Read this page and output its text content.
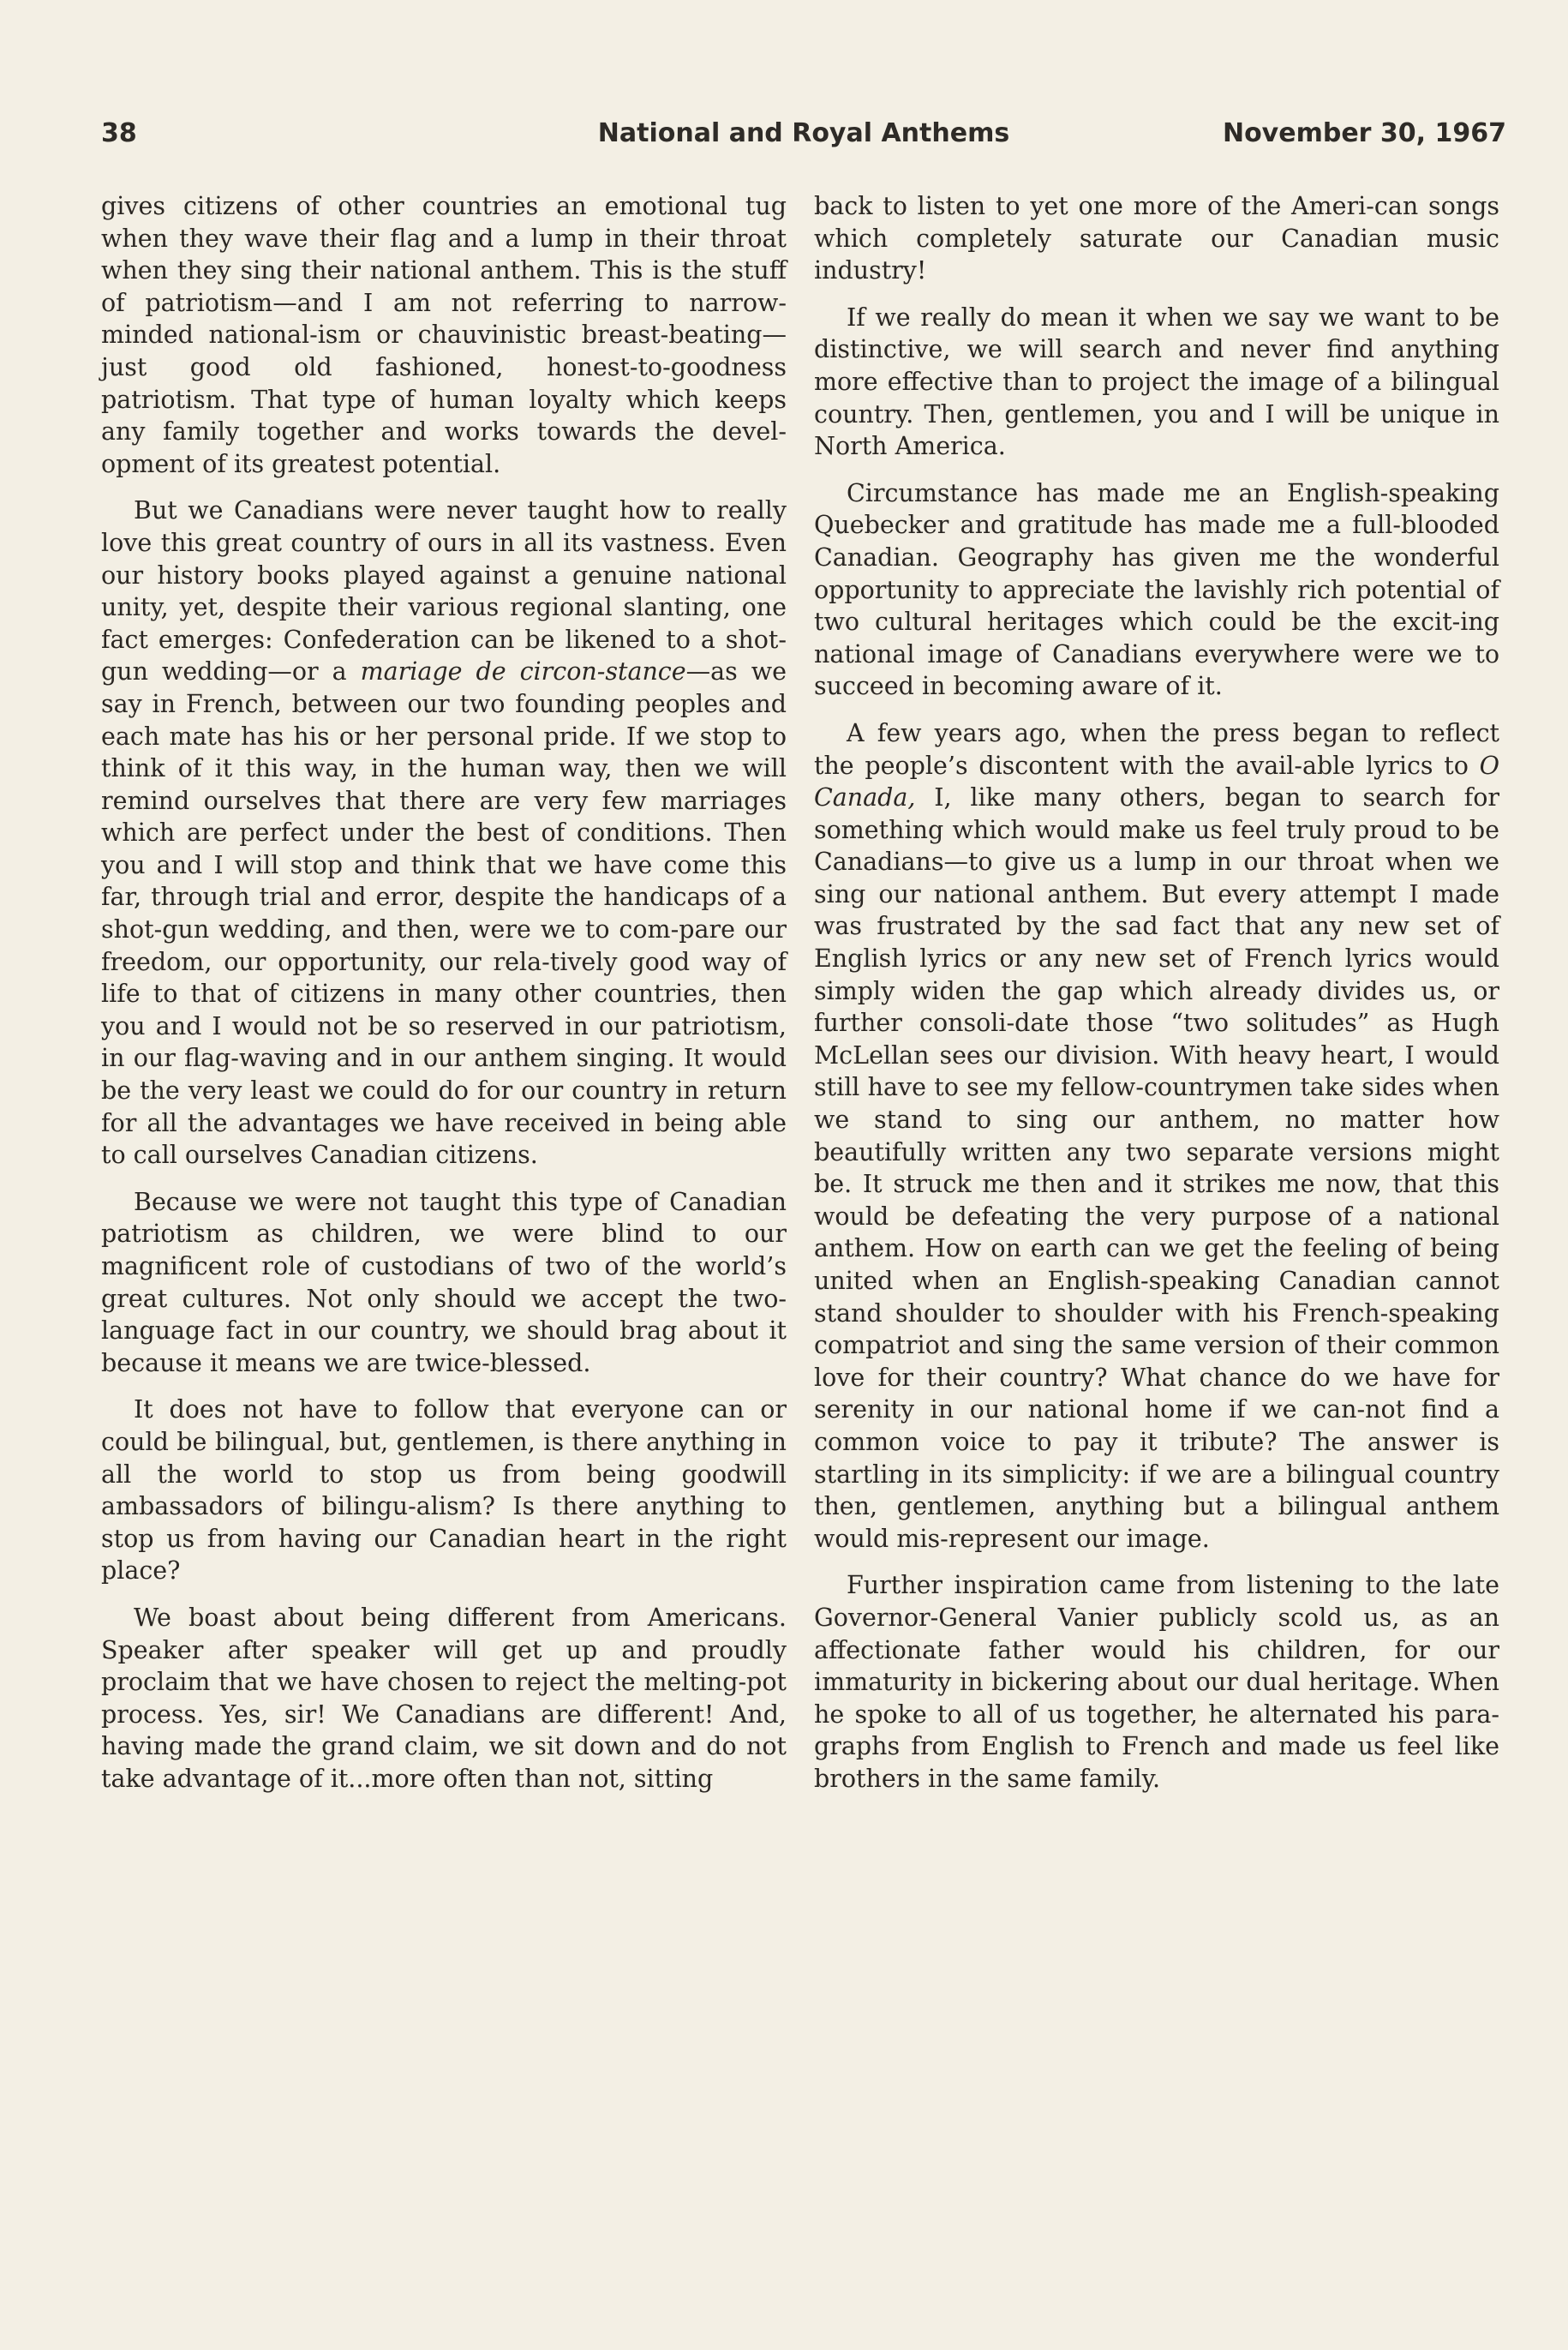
38	National and Royal Anthems	November 30, 1967

gives citizens of other countries an emotional tug when they wave their flag and a lump in their throat when they sing their national anthem. This is the stuff of patriotism—and I am not referring to narrow-minded national-ism or chauvinistic breast-beating—just good old fashioned, honest-to-goodness patriotism. That type of human loyalty which keeps any family together and works towards the devel-opment of its greatest potential.

But we Canadians were never taught how to really love this great country of ours in all its vastness. Even our history books played against a genuine national unity, yet, despite their various regional slanting, one fact emerges: Confederation can be likened to a shot-gun wedding—or a mariage de circon-stance—as we say in French, between our two founding peoples and each mate has his or her personal pride. If we stop to think of it this way, in the human way, then we will remind ourselves that there are very few marriages which are perfect under the best of conditions. Then you and I will stop and think that we have come this far, through trial and error, despite the handicaps of a shot-gun wedding, and then, were we to com-pare our freedom, our opportunity, our rela-tively good way of life to that of citizens in many other countries, then you and I would not be so reserved in our patriotism, in our flag-waving and in our anthem singing. It would be the very least we could do for our country in return for all the advantages we have received in being able to call ourselves Canadian citizens.

Because we were not taught this type of Canadian patriotism as children, we were blind to our magnificent role of custodians of two of the world’s great cultures. Not only should we accept the two-language fact in our country, we should brag about it because it means we are twice-blessed.

It does not have to follow that everyone can or could be bilingual, but, gentlemen, is there anything in all the world to stop us from being goodwill ambassadors of bilingu-alism? Is there anything to stop us from having our Canadian heart in the right place?

We boast about being different from Americans. Speaker after speaker will get up and proudly proclaim that we have chosen to reject the melting-pot process. Yes, sir! We Canadians are different! And, having made the grand claim, we sit down and do not take advantage of it...more often than not, sitting

back to listen to yet one more of the Ameri-can songs which completely saturate our Canadian music industry!

If we really do mean it when we say we want to be distinctive, we will search and never find anything more effective than to project the image of a bilingual country. Then, gentlemen, you and I will be unique in North America.

Circumstance has made me an English-speaking Quebecker and gratitude has made me a full-blooded Canadian. Geography has given me the wonderful opportunity to appreciate the lavishly rich potential of two cultural heritages which could be the excit-ing national image of Canadians everywhere were we to succeed in becoming aware of it.

A few years ago, when the press began to reflect the people’s discontent with the avail-able lyrics to O Canada, I, like many others, began to search for something which would make us feel truly proud to be Canadians—to give us a lump in our throat when we sing our national anthem. But every attempt I made was frustrated by the sad fact that any new set of English lyrics or any new set of French lyrics would simply widen the gap which already divides us, or further consoli-date those “two solitudes” as Hugh McLellan sees our division. With heavy heart, I would still have to see my fellow-countrymen take sides when we stand to sing our anthem, no matter how beautifully written any two separate versions might be. It struck me then and it strikes me now, that this would be defeating the very purpose of a national anthem. How on earth can we get the feeling of being united when an English-speaking Canadian cannot stand shoulder to shoulder with his French-speaking compatriot and sing the same version of their common love for their country? What chance do we have for serenity in our national home if we can-not find a common voice to pay it tribute? The answer is startling in its simplicity: if we are a bilingual country then, gentlemen, anything but a bilingual anthem would mis-represent our image.

Further inspiration came from listening to the late Governor-General Vanier publicly scold us, as an affectionate father would his children, for our immaturity in bickering about our dual heritage. When he spoke to all of us together, he alternated his para-graphs from English to French and made us feel like brothers in the same family.
